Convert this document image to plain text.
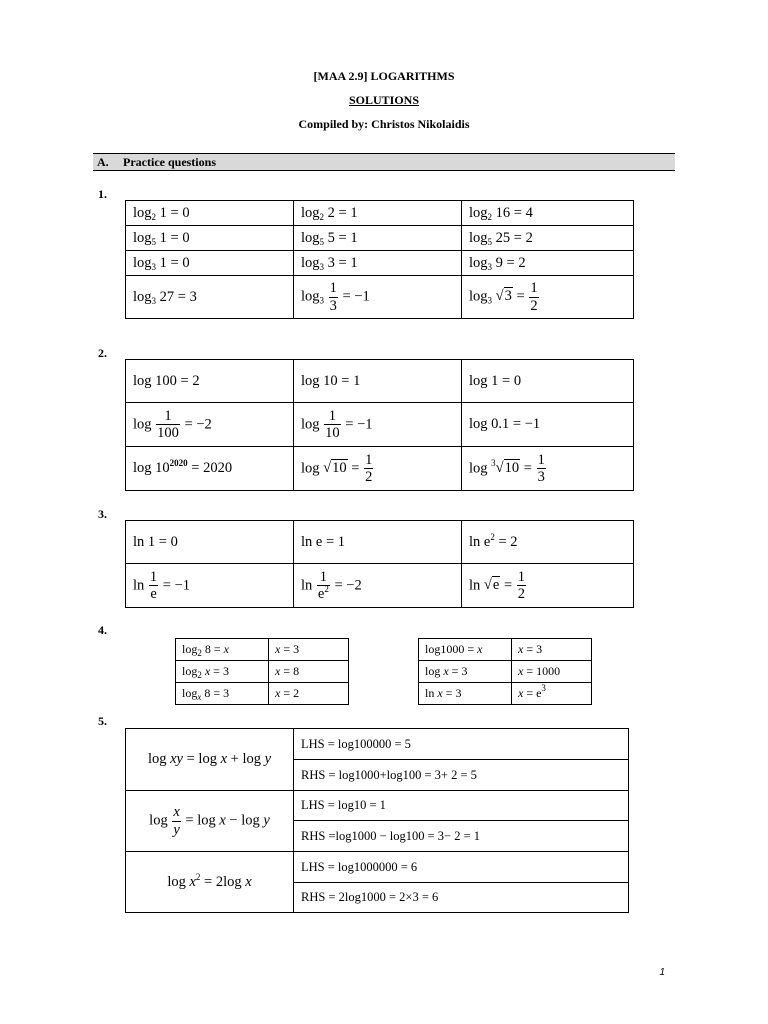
[MAA 2.9] LOGARITHMS
SOLUTIONS
Compiled by: Christos Nikolaidis
A. Practice questions
1.
$\log_2 1 = 0$	$\log_2 2 = 1$	$\log_2 16 = 4$
$\log_5 1 = 0$	$\log_5 5 = 1$	$\log_5 25 = 2$
$\log_3 1 = 0$	$\log_3 3 = 1$	$\log_3 9 = 2$
$\log_3 27 = 3$	$\log_3 \frac{1}{3} = -1$	$\log_3 √3 = \frac{1}{2}$
2.
log 100 = 2	log 10 = 1	log 1 = 0
$\log \frac{1}{100} = -2$	$\log \frac{1}{10} = -1$	log 0.1 = −1
$\log 10^{2020} = 2020$	$\log √10 = \frac{1}{2}$	$\log ^3√10 = \frac{1}{3}$
3.
ln 1 = 0	ln e = 1	$\ln e^2 = 2$
$\ln \frac{1}{e} = -1$	$\ln \frac{1}{e^2} = -2$	$\ln √e = \frac{1}{2}$
4.
$\log_2 8 = x$	x = 3
$\log_2 x = 3$	x = 8
$\log_x 8 = 3$	x = 2
log1000 = x	x = 3
log x = 3	x = 1000
ln x = 3	$x = e^3$
5.
log xy = log x + log y	LHS = log100000 = 5
	RHS = log1000+log100 = 3+ 2 = 5
$\log \frac{x}{y} = \log x - \log y$	LHS = log10 = 1
	RHS =log1000 − log100 = 3− 2 = 1
$\log x^2 = 2\log$ x	LHS = log1000000 = 6
	RHS = 2log1000 = 2×3 = 6
1
